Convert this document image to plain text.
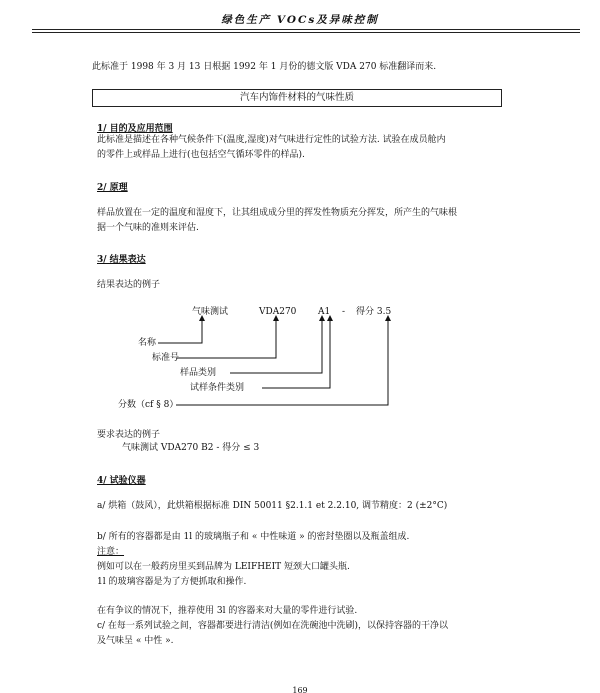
绿色生产 VOCs及异味控制
此标准于 1998 年 3 月 13 日根据 1992 年 1 月份的德文版 VDA 270 标准翻译而来.
汽车内饰件材料的气味性质
1/ 目的及应用范围
此标准是描述在各种气候条件下(温度,湿度)对气味进行定性的试验方法. 试验在成员舱内
的零件上或样品上进行(也包括空气循环零件的样品).
2/ 原理
样品放置在一定的温度和湿度下，让其组成成分里的挥发性物质充分挥发，所产生的气味根
据一个气味的准则来评估.
3/ 结果表达
结果表达的例子
气味测试	VDA270 A1 - 得分 3.5
名称
标准号
样品类别
试样条件类别
分数（cf § 8）
要求表达的例子
气味测试 VDA270 B2 - 得分 ≤ 3
4/ 试验仪器
a/ 烘箱（鼓风），此烘箱根据标准 DIN 50011 §2.1.1 et 2.2.10, 调节精度：2 (±2°C)
b/ 所有的容器都是由 1l 的玻璃瓶子和 « 中性味道 » 的密封垫圈以及瓶盖组成.
注意：
例如可以在一般药房里买到品牌为 LEIFHEIT 短颈大口罐头瓶.
1l 的玻璃容器是为了方便抓取和操作.
在有争议的情况下，推荐使用 3l 的容器来对大量的零件进行试验.
c/ 在每一系列试验之间，容器都要进行清洁(例如在洗碗池中洗刷)，以保持容器的干净以
及气味呈 « 中性 ».
169
